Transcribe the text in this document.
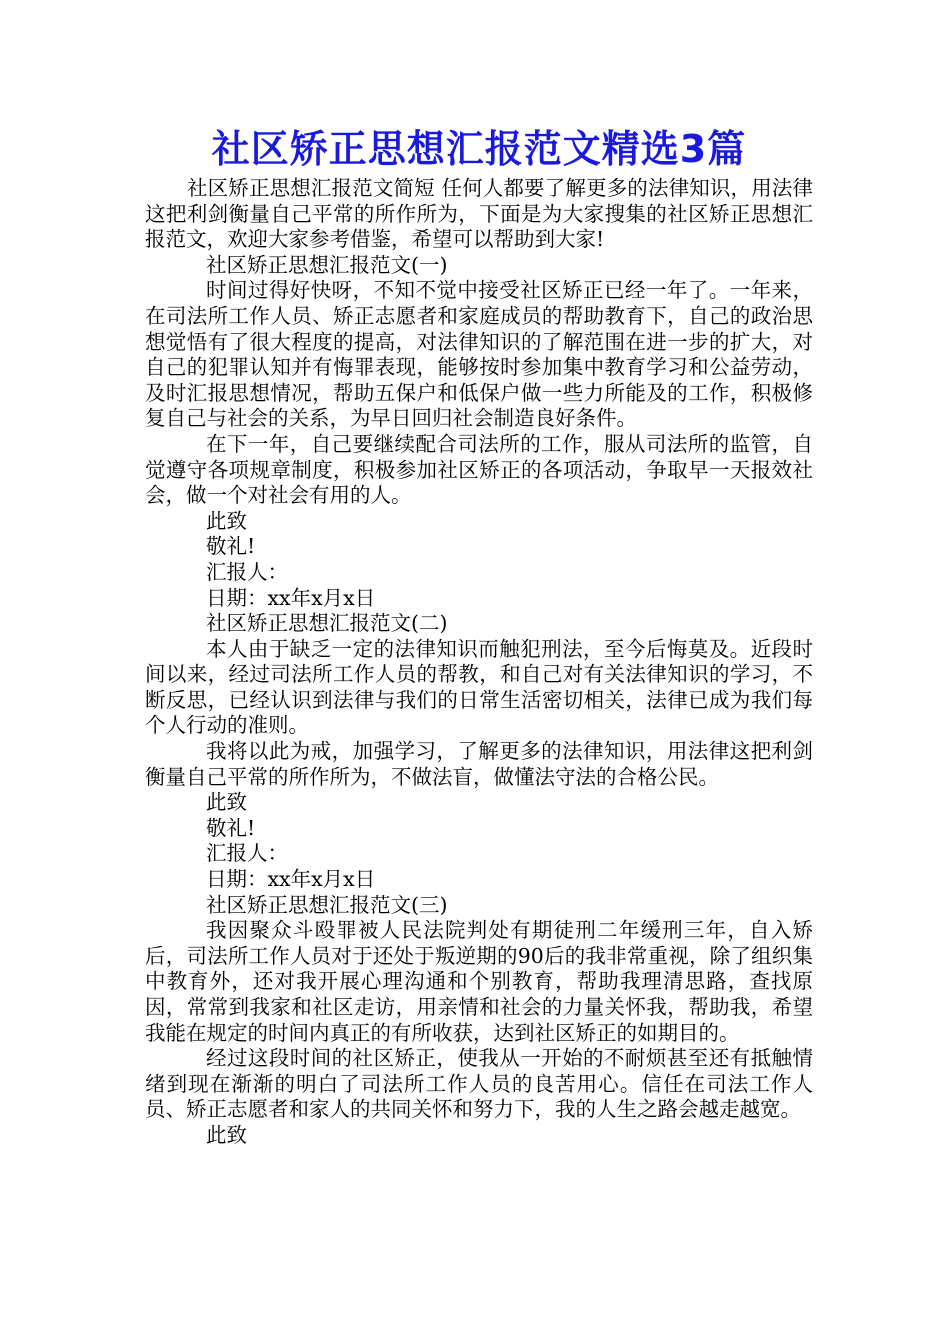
社区矫正思想汇报范文精选3篇

社区矫正思想汇报范文简短 任何人都要了解更多的法律知识，用法律这把利剑衡量自己平常的所作所为，下面是为大家搜集的社区矫正思想汇报范文，欢迎大家参考借鉴，希望可以帮助到大家!

社区矫正思想汇报范文(一)

时间过得好快呀，不知不觉中接受社区矫正已经一年了。一年来，在司法所工作人员、矫正志愿者和家庭成员的帮助教育下，自己的政治思想觉悟有了很大程度的提高，对法律知识的了解范围在进一步的扩大，对自己的犯罪认知并有悔罪表现，能够按时参加集中教育学习和公益劳动，及时汇报思想情况，帮助五保户和低保户做一些力所能及的工作，积极修复自己与社会的关系，为早日回归社会制造良好条件。

在下一年，自己要继续配合司法所的工作，服从司法所的监管，自觉遵守各项规章制度，积极参加社区矫正的各项活动，争取早一天报效社会，做一个对社会有用的人。

此致

敬礼!

汇报人：

日期：xx年x月x日

社区矫正思想汇报范文(二)

本人由于缺乏一定的法律知识而触犯刑法，至今后悔莫及。近段时间以来，经过司法所工作人员的帮教，和自己对有关法律知识的学习，不断反思，已经认识到法律与我们的日常生活密切相关，法律已成为我们每个人行动的准则。

我将以此为戒，加强学习，了解更多的法律知识，用法律这把利剑衡量自己平常的所作所为，不做法盲，做懂法守法的合格公民。

此致

敬礼!

汇报人：

日期：xx年x月x日

社区矫正思想汇报范文(三)

我因聚众斗殴罪被人民法院判处有期徒刑二年缓刑三年，自入矫后，司法所工作人员对于还处于叛逆期的90后的我非常重视，除了组织集中教育外，还对我开展心理沟通和个别教育，帮助我理清思路，查找原因，常常到我家和社区走访，用亲情和社会的力量关怀我，帮助我，希望我能在规定的时间内真正的有所收获，达到社区矫正的如期目的。

经过这段时间的社区矫正，使我从一开始的不耐烦甚至还有抵触情绪到现在渐渐的明白了司法所工作人员的良苦用心。信任在司法工作人员、矫正志愿者和家人的共同关怀和努力下，我的人生之路会越走越宽。

此致
